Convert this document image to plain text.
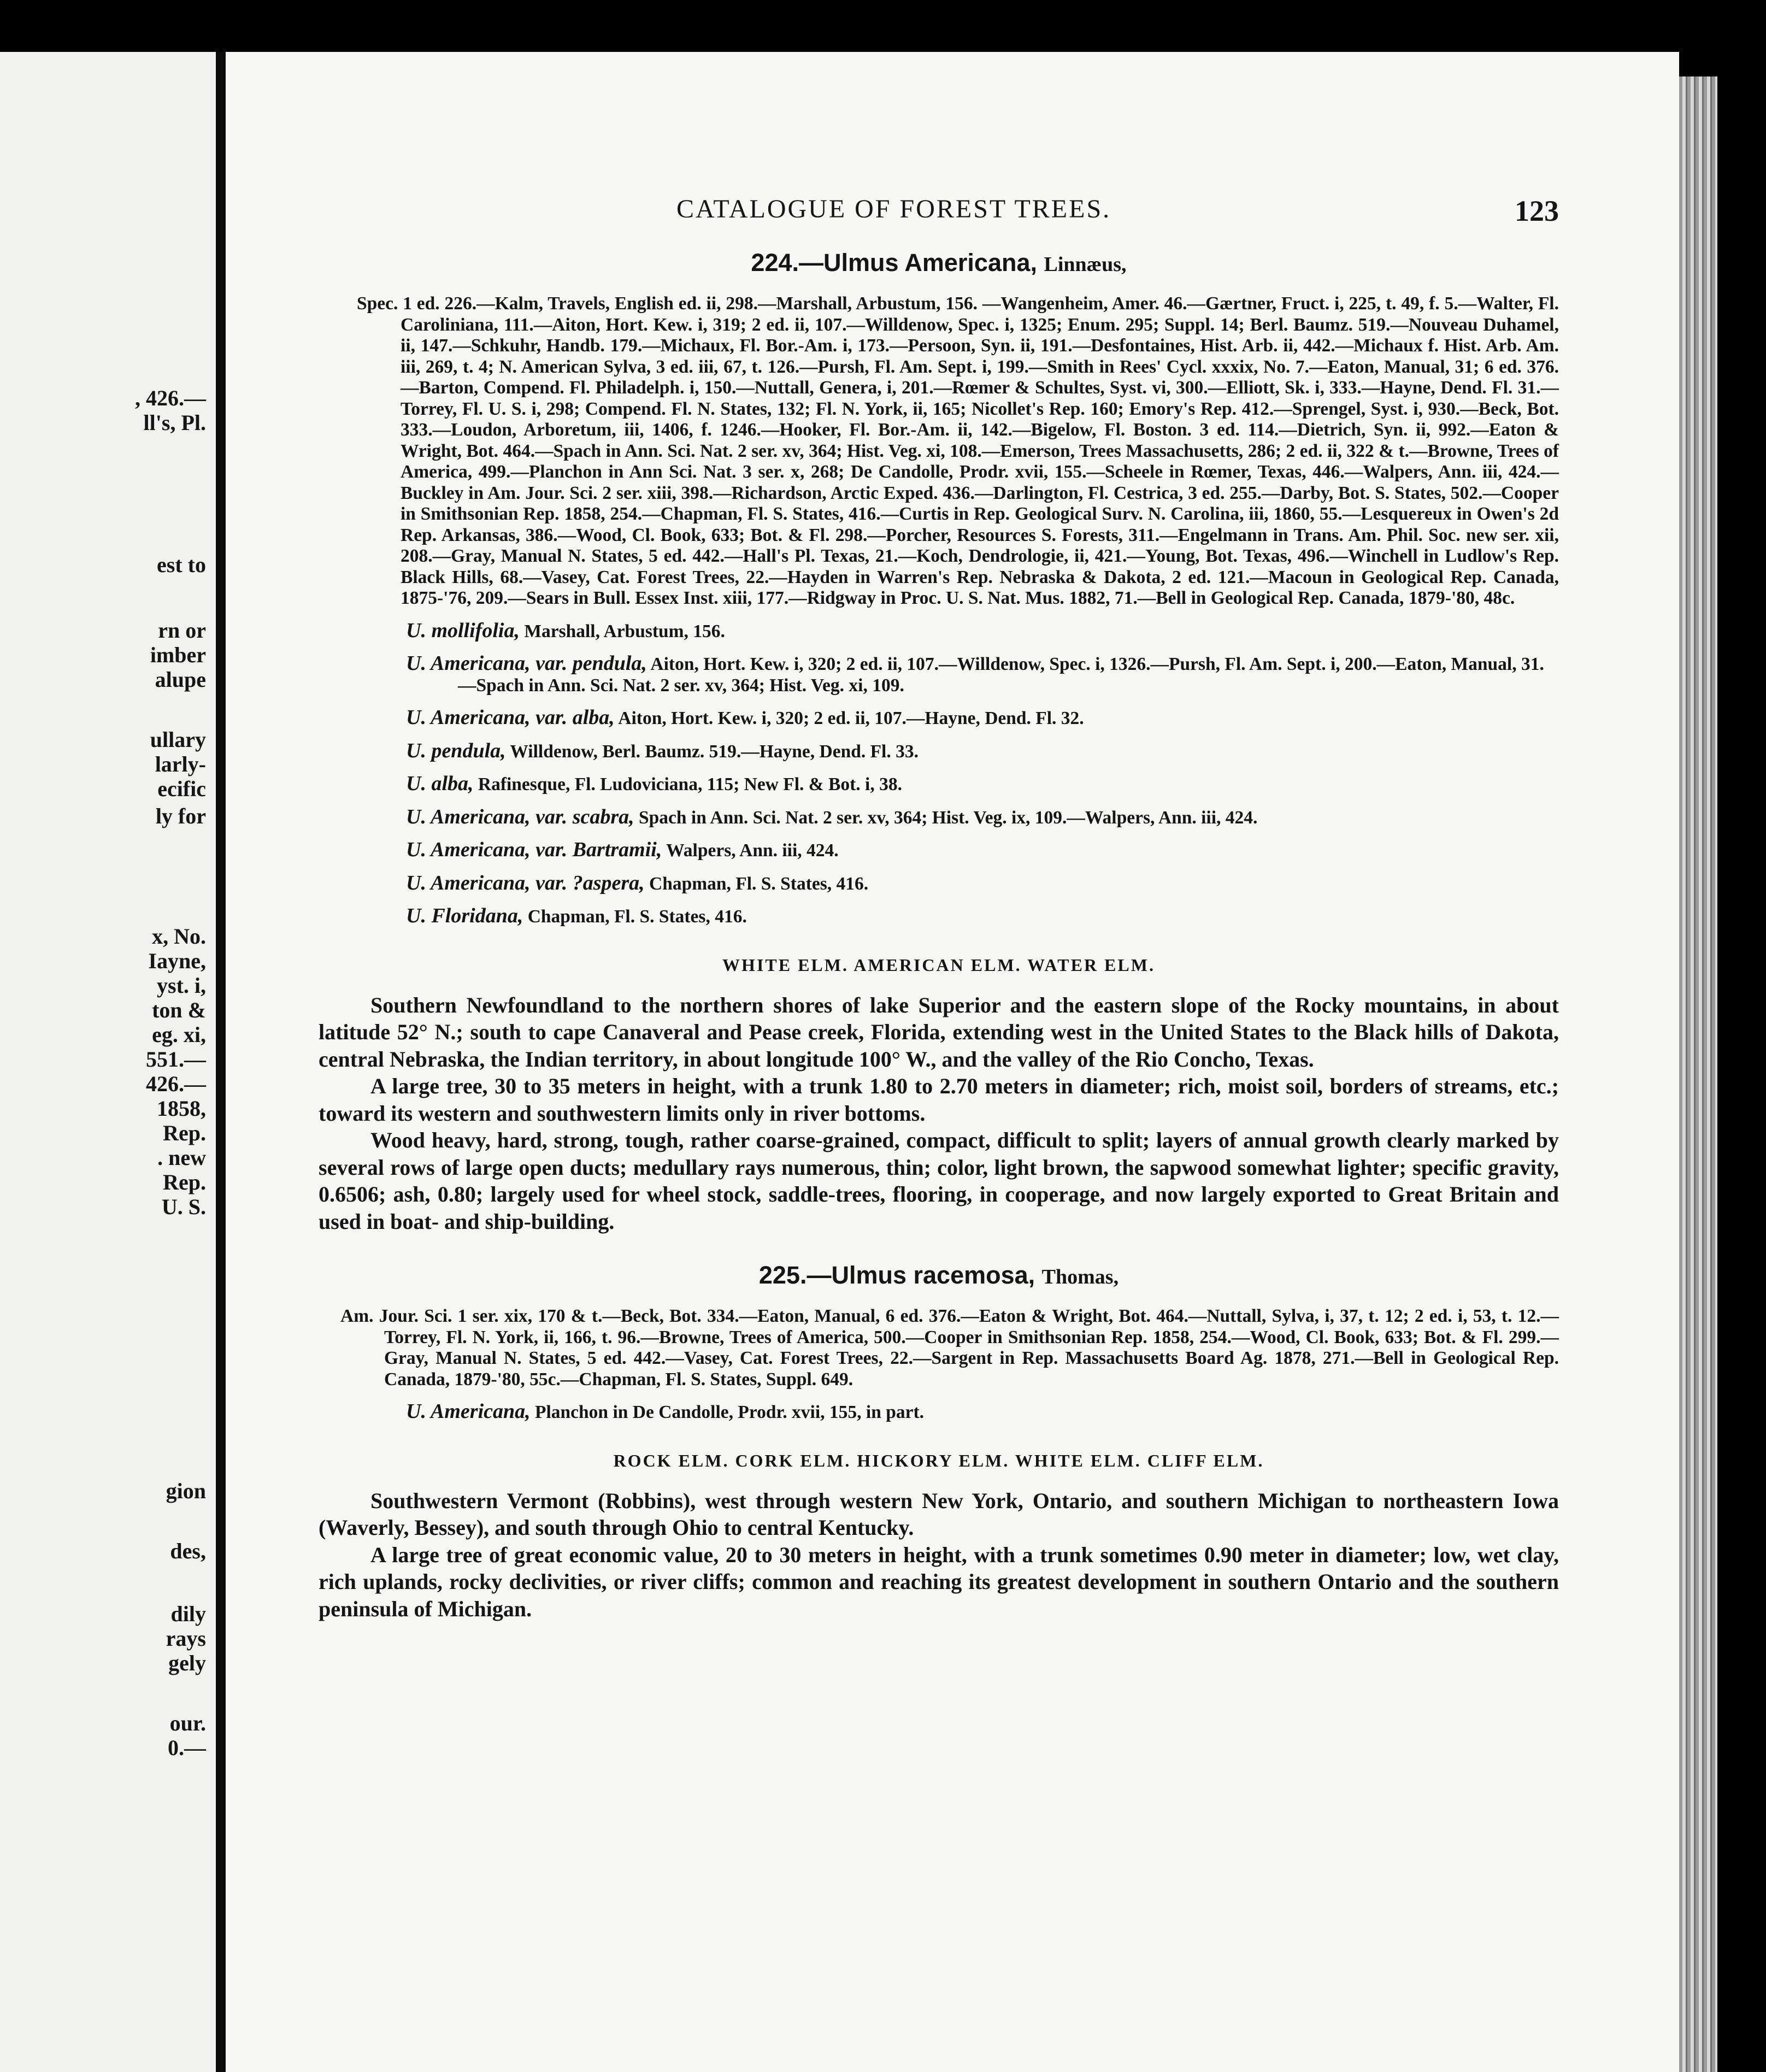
, 426.—
ll's, Pl.
est to
rn or
imber
alupe
ullary
larly-
ecific
ly for
x, No.
Iayne,
yst. i,
ton &
eg. xi,
551.—
426.—
1858,
Rep.
. new
Rep.
U. S.
gion
des,
dily
rays
gely
our.
0.—
CATALOGUE OF FOREST TREES.	123
224.—Ulmus Americana, Linnæus,

Spec. 1 ed. 226.—Kalm, Travels, English ed. ii, 298.—Marshall, Arbustum, 156. —Wangenheim, Amer. 46.—Gærtner, Fruct. i, 225, t. 49, f. 5.—Walter, Fl. Caroliniana, 111.—Aiton, Hort. Kew. i, 319; 2 ed. ii, 107.—Willdenow, Spec. i, 1325; Enum. 295; Suppl. 14; Berl. Baumz. 519.—Nouveau Duhamel, ii, 147.—Schkuhr, Handb. 179.—Michaux, Fl. Bor.-Am. i, 173.—Persoon, Syn. ii, 191.—Desfontaines, Hist. Arb. ii, 442.—Michaux f. Hist. Arb. Am. iii, 269, t. 4; N. American Sylva, 3 ed. iii, 67, t. 126.—Pursh, Fl. Am. Sept. i, 199.—Smith in Rees' Cycl. xxxix, No. 7.—Eaton, Manual, 31; 6 ed. 376.—Barton, Compend. Fl. Philadelph. i, 150.—Nuttall, Genera, i, 201.—Rœmer & Schultes, Syst. vi, 300.—Elliott, Sk. i, 333.—Hayne, Dend. Fl. 31.—Torrey, Fl. U. S. i, 298; Compend. Fl. N. States, 132; Fl. N. York, ii, 165; Nicollet's Rep. 160; Emory's Rep. 412.—Sprengel, Syst. i, 930.—Beck, Bot. 333.—Loudon, Arboretum, iii, 1406, f. 1246.—Hooker, Fl. Bor.-Am. ii, 142.—Bigelow, Fl. Boston. 3 ed. 114.—Dietrich, Syn. ii, 992.—Eaton & Wright, Bot. 464.—Spach in Ann. Sci. Nat. 2 ser. xv, 364; Hist. Veg. xi, 108.—Emerson, Trees Massachusetts, 286; 2 ed. ii, 322 & t.—Browne, Trees of America, 499.—Planchon in Ann Sci. Nat. 3 ser. x, 268; De Candolle, Prodr. xvii, 155.—Scheele in Rœmer, Texas, 446.—Walpers, Ann. iii, 424.—Buckley in Am. Jour. Sci. 2 ser. xiii, 398.—Richardson, Arctic Exped. 436.—Darlington, Fl. Cestrica, 3 ed. 255.—Darby, Bot. S. States, 502.—Cooper in Smithsonian Rep. 1858, 254.—Chapman, Fl. S. States, 416.—Curtis in Rep. Geological Surv. N. Carolina, iii, 1860, 55.—Lesquereux in Owen's 2d Rep. Arkansas, 386.—Wood, Cl. Book, 633; Bot. & Fl. 298.—Porcher, Resources S. Forests, 311.—Engelmann in Trans. Am. Phil. Soc. new ser. xii, 208.—Gray, Manual N. States, 5 ed. 442.—Hall's Pl. Texas, 21.—Koch, Dendrologie, ii, 421.—Young, Bot. Texas, 496.—Winchell in Ludlow's Rep. Black Hills, 68.—Vasey, Cat. Forest Trees, 22.—Hayden in Warren's Rep. Nebraska & Dakota, 2 ed. 121.—Macoun in Geological Rep. Canada, 1875-'76, 209.—Sears in Bull. Essex Inst. xiii, 177.—Ridgway in Proc. U. S. Nat. Mus. 1882, 71.—Bell in Geological Rep. Canada, 1879-'80, 48c.

U. mollifolia, Marshall, Arbustum, 156.

U. Americana, var. pendula, Aiton, Hort. Kew. i, 320; 2 ed. ii, 107.—Willdenow, Spec. i, 1326.—Pursh, Fl. Am. Sept. i, 200.—Eaton, Manual, 31.—Spach in Ann. Sci. Nat. 2 ser. xv, 364; Hist. Veg. xi, 109.

U. Americana, var. alba, Aiton, Hort. Kew. i, 320; 2 ed. ii, 107.—Hayne, Dend. Fl. 32.

U. pendula, Willdenow, Berl. Baumz. 519.—Hayne, Dend. Fl. 33.

U. alba, Rafinesque, Fl. Ludoviciana, 115; New Fl. & Bot. i, 38.

U. Americana, var. scabra, Spach in Ann. Sci. Nat. 2 ser. xv, 364; Hist. Veg. ix, 109.—Walpers, Ann. iii, 424.

U. Americana, var. Bartramii, Walpers, Ann. iii, 424.

U. Americana, var. ?aspera, Chapman, Fl. S. States, 416.

U. Floridana, Chapman, Fl. S. States, 416.

WHITE ELM. AMERICAN ELM. WATER ELM.

Southern Newfoundland to the northern shores of lake Superior and the eastern slope of the Rocky mountains, in about latitude 52° N.; south to cape Canaveral and Pease creek, Florida, extending west in the United States to the Black hills of Dakota, central Nebraska, the Indian territory, in about longitude 100° W., and the valley of the Rio Concho, Texas.

A large tree, 30 to 35 meters in height, with a trunk 1.80 to 2.70 meters in diameter; rich, moist soil, borders of streams, etc.; toward its western and southwestern limits only in river bottoms.

Wood heavy, hard, strong, tough, rather coarse-grained, compact, difficult to split; layers of annual growth clearly marked by several rows of large open ducts; medullary rays numerous, thin; color, light brown, the sapwood somewhat lighter; specific gravity, 0.6506; ash, 0.80; largely used for wheel stock, saddle-trees, flooring, in cooperage, and now largely exported to Great Britain and used in boat- and ship-building.

225.—Ulmus racemosa, Thomas,

Am. Jour. Sci. 1 ser. xix, 170 & t.—Beck, Bot. 334.—Eaton, Manual, 6 ed. 376.—Eaton & Wright, Bot. 464.—Nuttall, Sylva, i, 37, t. 12; 2 ed. i, 53, t. 12.—Torrey, Fl. N. York, ii, 166, t. 96.—Browne, Trees of America, 500.—Cooper in Smithsonian Rep. 1858, 254.—Wood, Cl. Book, 633; Bot. & Fl. 299.—Gray, Manual N. States, 5 ed. 442.—Vasey, Cat. Forest Trees, 22.—Sargent in Rep. Massachusetts Board Ag. 1878, 271.—Bell in Geological Rep. Canada, 1879-'80, 55c.—Chapman, Fl. S. States, Suppl. 649.

U. Americana, Planchon in De Candolle, Prodr. xvii, 155, in part.

ROCK ELM. CORK ELM. HICKORY ELM. WHITE ELM. CLIFF ELM.

Southwestern Vermont (Robbins), west through western New York, Ontario, and southern Michigan to northeastern Iowa (Waverly, Bessey), and south through Ohio to central Kentucky.

A large tree of great economic value, 20 to 30 meters in height, with a trunk sometimes 0.90 meter in diameter; low, wet clay, rich uplands, rocky declivities, or river cliffs; common and reaching its greatest development in southern Ontario and the southern peninsula of Michigan.
